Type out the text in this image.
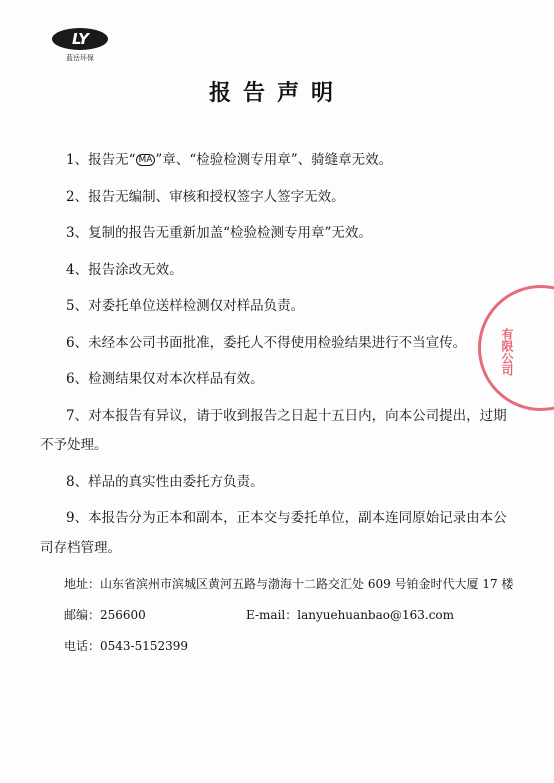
LY
蓝岳环保
报告声明

1、报告无“ MA ”章、“检验检测专用章”、骑缝章无效。

2、报告无编制、审核和授权签字人签字无效。

3、复制的报告无重新加盖“检验检测专用章”无效。

4、报告涂改无效。

5、对委托单位送样检测仅对样品负责。

6、未经本公司书面批准，委托人不得使用检验结果进行不当宣传。

6、检测结果仅对本次样品有效。

7、对本报告有异议，请于收到报告之日起十五日内，向本公司提出，过期不予处理。

8、样品的真实性由委托方负责。

9、本报告分为正本和副本，正本交与委托单位，副本连同原始记录由本公司存档管理。

有限公司
地址：山东省滨州市滨城区黄河五路与渤海十二路交汇处 609 号铂金时代大厦 17 楼
邮编：256600	E-mail：lanyuehuanbao@163.com
电话：0543-5152399
